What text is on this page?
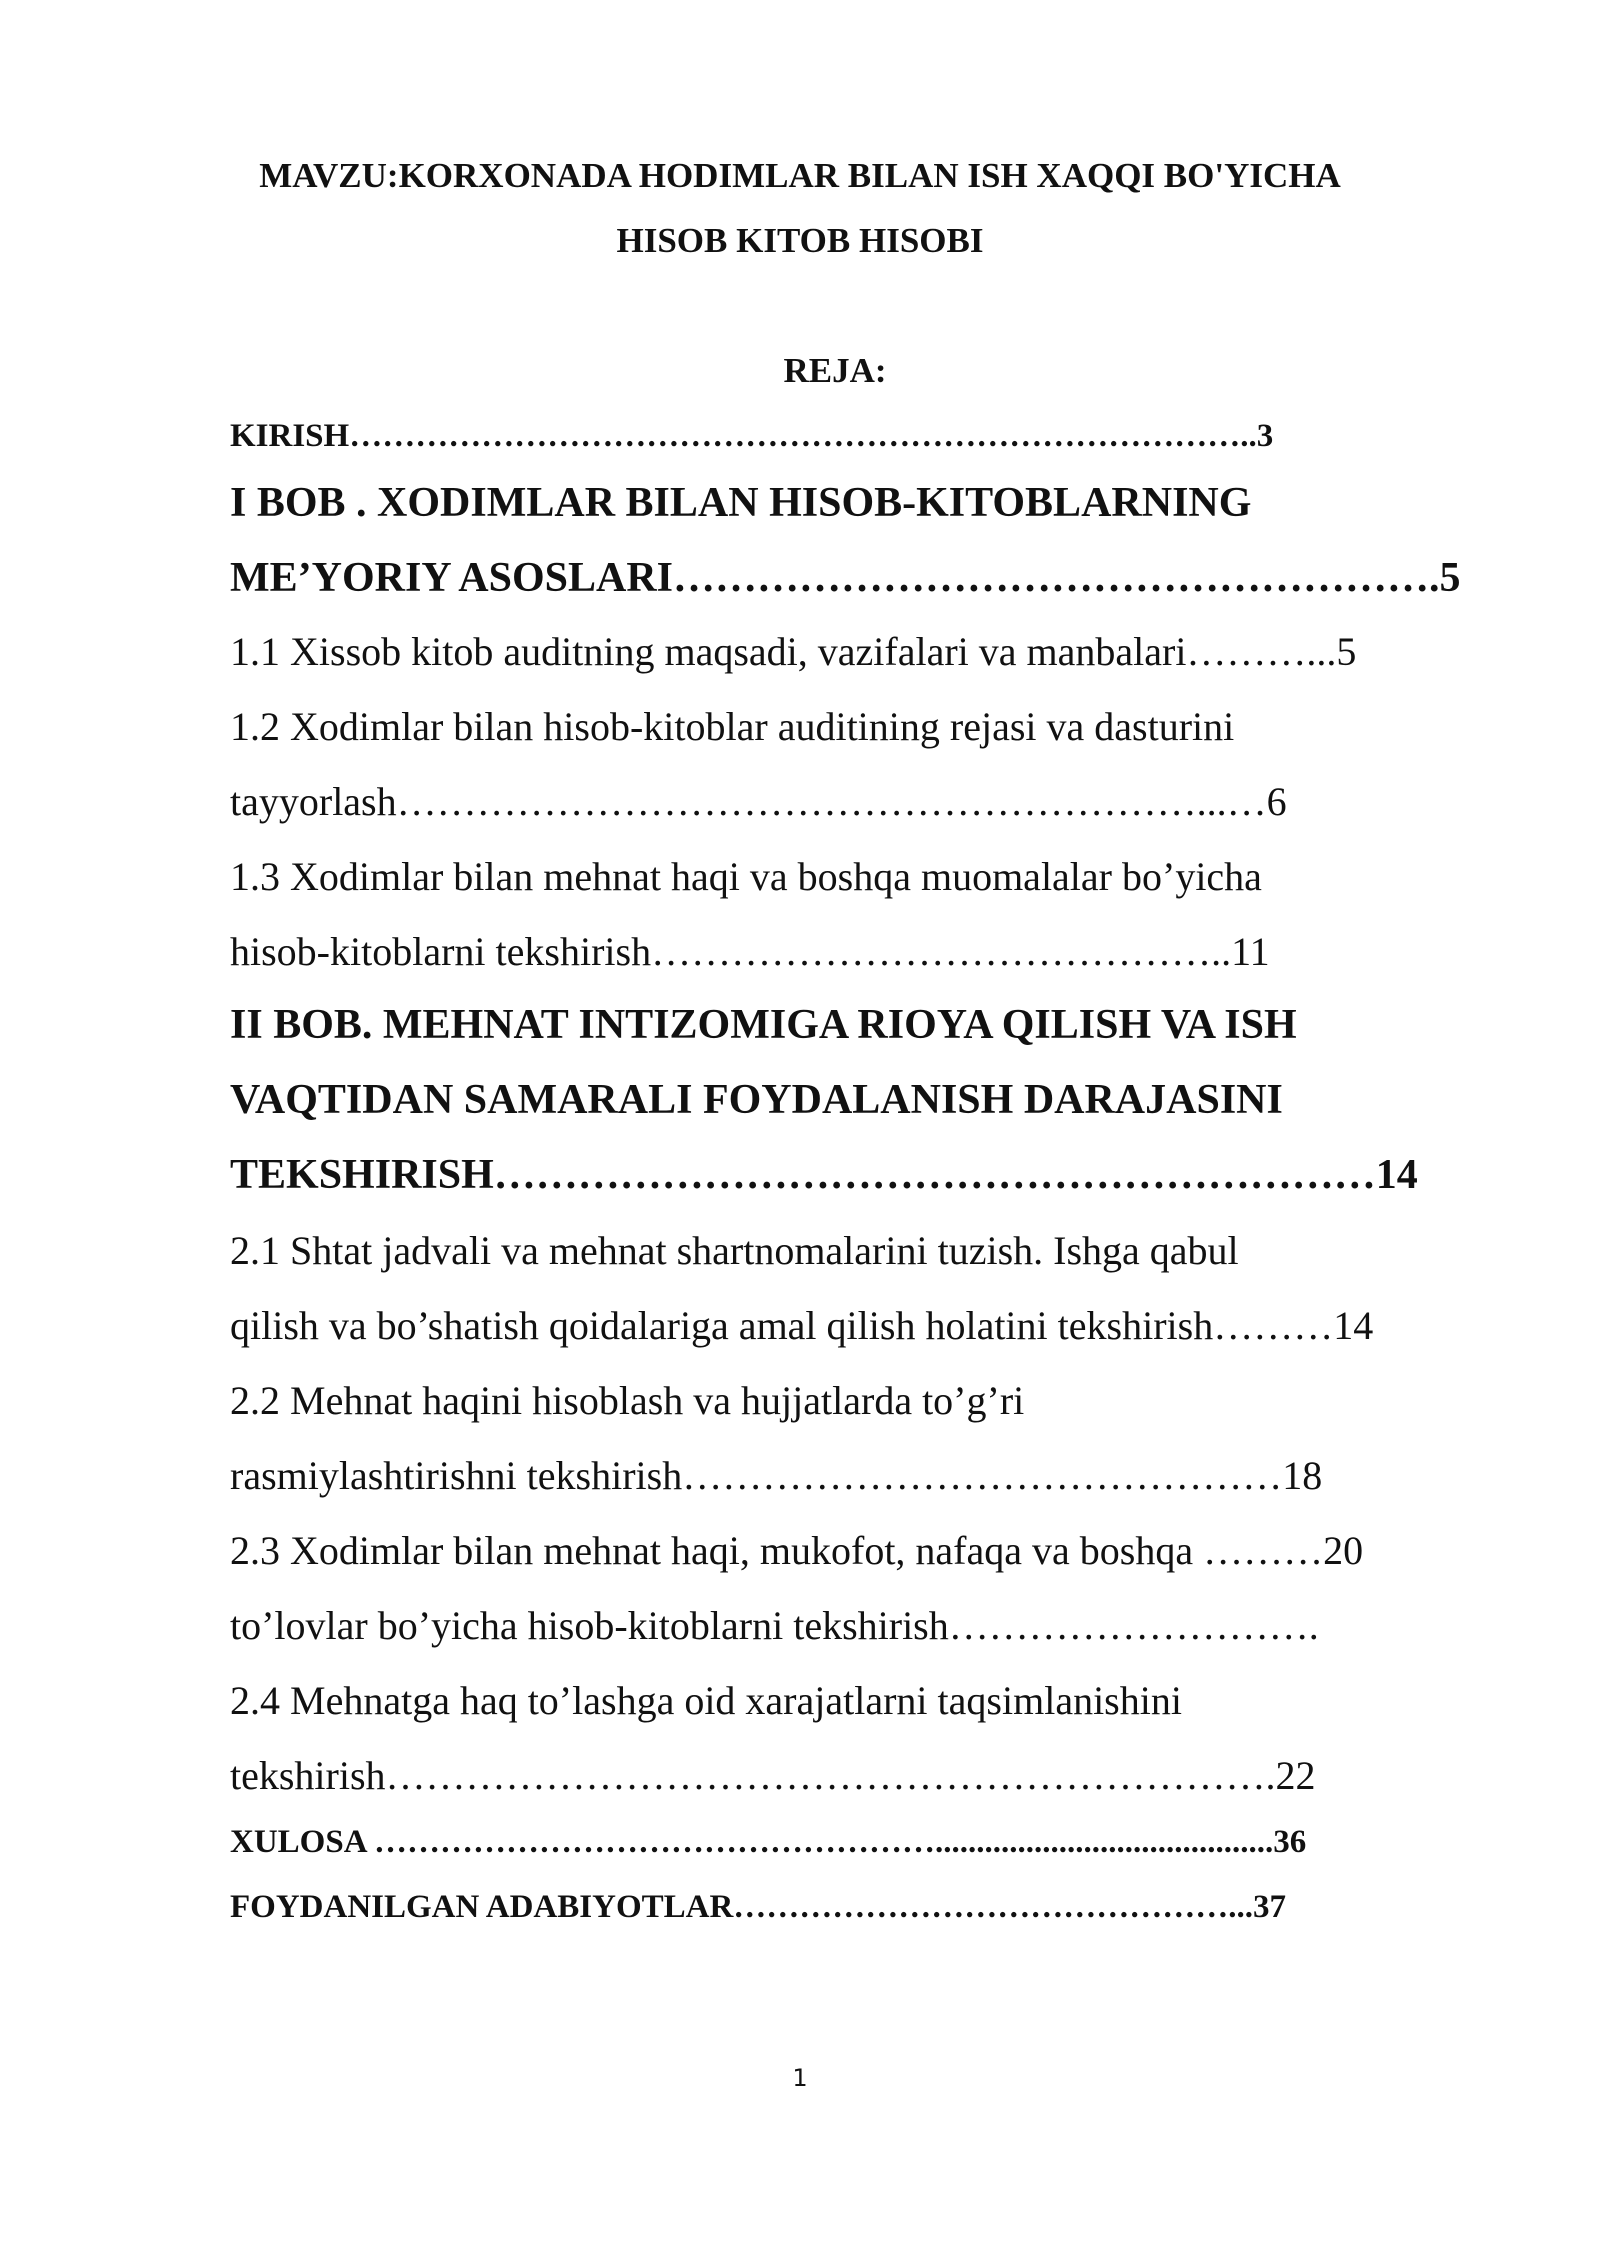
MAVZU:KORXONADA HODIMLAR BILAN ISH XAQQI BO'YICHA
HISOB KITOB HISOBI
REJA:
KIRISH………………………………………………………………………..3
I BOB . XODIMLAR BILAN HISOB-KITOBLARNING
ME’YORIY ASOSLARI……………………………………………….5
1.1 Xissob kitob auditning maqsadi, vazifalari va manbalari………...5
1.2 Xodimlar bilan hisob-kitoblar auditining rejasi va dasturini
tayyorlash……………………………………………………...…6
1.3 Xodimlar bilan mehnat haqi va boshqa muomalalar bo’yicha
hisob-kitoblarni tekshirish……………………………………..11
II BOB. MEHNAT INTIZOMIGA RIOYA QILISH VA ISH
VAQTIDAN SAMARALI FOYDALANISH DARAJASINI
TEKSHIRISH………………………………………………………14
2.1 Shtat jadvali va mehnat shartnomalarini tuzish. Ishga qabul
qilish va bo’shatish qoidalariga amal qilish holatini tekshirish………14
2.2 Mehnat haqini hisoblash va hujjatlarda to’g’ri
rasmiylashtirishni tekshirish………………………………………18
2.3 Xodimlar bilan mehnat haqi, mukofot, nafaqa va boshqa ………20
to’lovlar bo’yicha hisob-kitoblarni tekshirish……………………….
2.4 Mehnatga haq to’lashga oid xarajatlarni taqsimlanishini
tekshirish………………………………………………………….22
XULOSA …………………………………………….........................................36
FOYDANILGAN ADABIYOTLAR………………………………………...37
1
